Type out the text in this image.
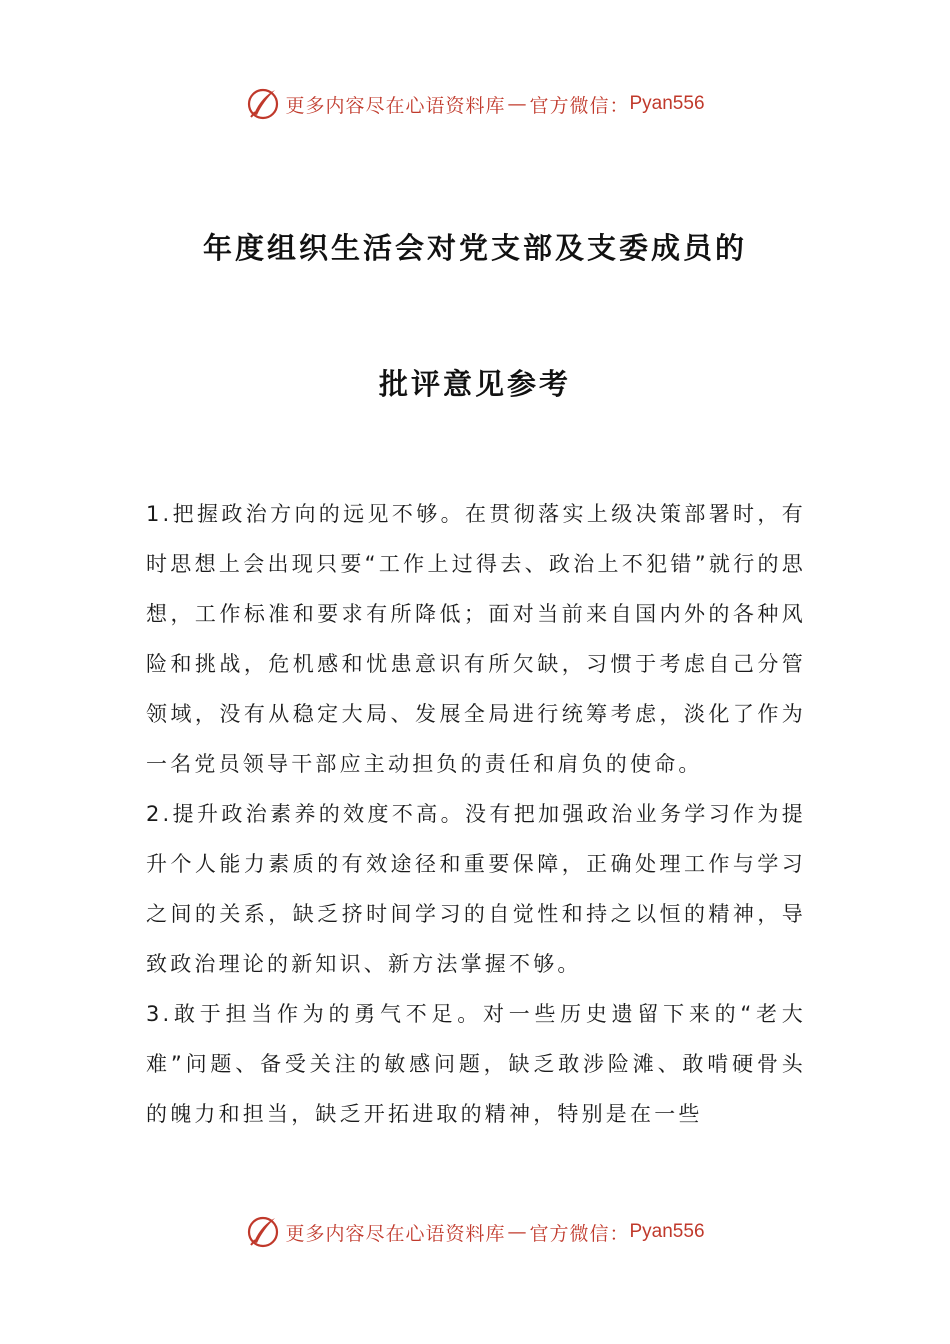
更多内容尽在心语资料库 — 官方微信： Pyan556
年度组织生活会对党支部及支委成员的
批评意见参考

1.把握政治方向的远见不够。在贯彻落实上级决策部署时，有时思想上会出现只要“工作上过得去、政治上不犯错”就行的思想，工作标准和要求有所降低；面对当前来自国内外的各种风险和挑战，危机感和忧患意识有所欠缺，习惯于考虑自己分管领域，没有从稳定大局、发展全局进行统筹考虑，淡化了作为一名党员领导干部应主动担负的责任和肩负的使命。

2.提升政治素养的效度不高。没有把加强政治业务学习作为提升个人能力素质的有效途径和重要保障，正确处理工作与学习之间的关系，缺乏挤时间学习的自觉性和持之以恒的精神，导致政治理论的新知识、新方法掌握不够。

3.敢于担当作为的勇气不足。对一些历史遗留下来的“老大难”问题、备受关注的敏感问题，缺乏敢涉险滩、敢啃硬骨头的魄力和担当，缺乏开拓进取的精神，特别是在一些

更多内容尽在心语资料库 — 官方微信： Pyan556
